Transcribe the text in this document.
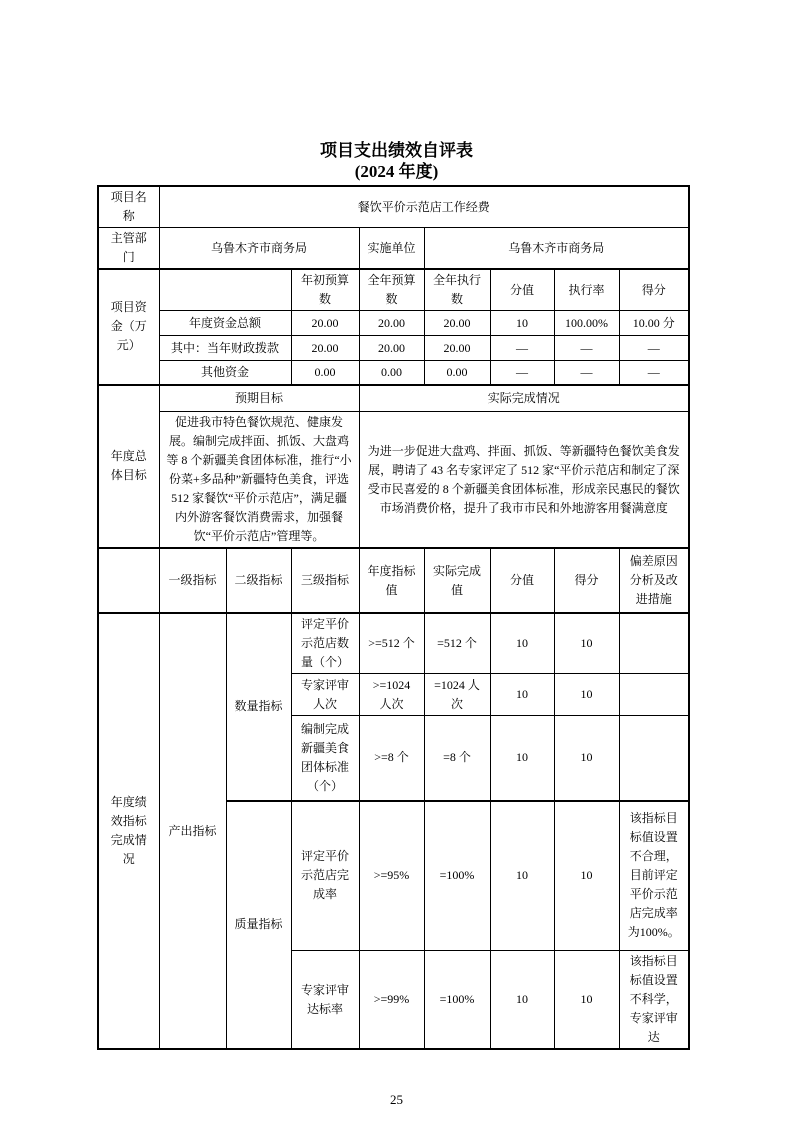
项目支出绩效自评表
(2024 年度)
项目名称	餐饮平价示范店工作经费							
主管部门	乌鲁木齐市商务局			实施单位	乌鲁木齐市商务局			
项目资金（万元）			年初预算数	全年预算数	全年执行数	分值	执行率	得分
	年度资金总额		20.00	20.00	20.00	10	100.00%	10.00 分
	其中：当年财政拨款		20.00	20.00	20.00	—	—	—
	其他资金		0.00	0.00	0.00	—	—	—
年度总体目标	预期目标			实际完成情况				
	促进我市特色餐饮规范、健康发展。编制完成拌面、抓饭、大盘鸡等 8 个新疆美食团体标准，推行“小份菜+多品种”新疆特色美食，评选 512 家餐饮“平价示范店”，满足疆内外游客餐饮消费需求，加强餐饮“平价示范店”管理等。			为进一步促进大盘鸡、拌面、抓饭、等新疆特色餐饮美食发展，聘请了 43 名专家评定了 512 家“平价示范店和制定了深受市民喜爱的 8 个新疆美食团体标准，形成亲民惠民的餐饮市场消费价格，提升了我市市民和外地游客用餐满意度				
	一级指标	二级指标	三级指标	年度指标值	实际完成值	分值	得分	偏差原因分析及改进措施
年度绩效指标完成情况	产出指标	数量指标	评定平价示范店数量（个）	>=512 个	=512 个	10	10	
			专家评审人次	>=1024 人次	=1024 人次	10	10	
			编制完成新疆美食团体标准（个）	>=8 个	=8 个	10	10	
		质量指标	评定平价示范店完成率	>=95%	=100%	10	10	该指标目标值设置不合理，目前评定平价示范店完成率为100%。
			专家评审达标率	>=99%	=100%	10	10	该指标目标值设置不科学，专家评审达
25
